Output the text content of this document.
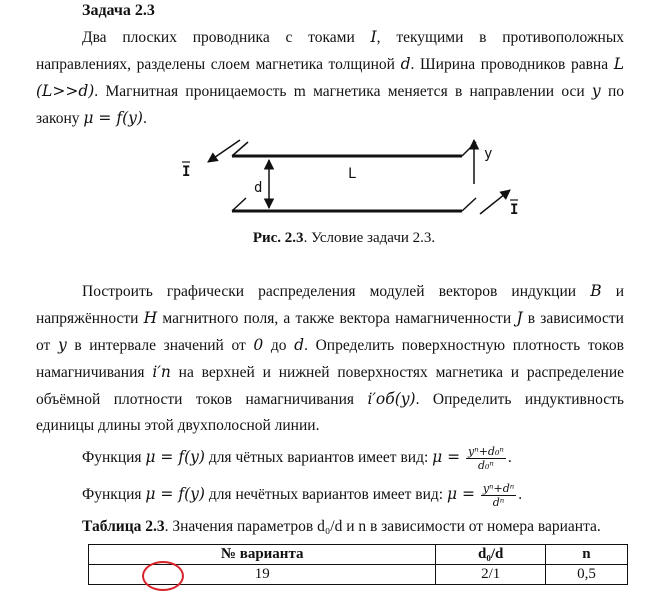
Задача 2.3

Два плоских проводника с токами I, текущими в противоположных направлениях, разделены слоем магнетика толщиной d. Ширина проводников равна L (L>>d). Магнитная проницаемость m магнетика меняется в направлении оси y по закону μ = f(y).

d
L
y
I
I
Рис. 2.3. Условие задачи 2.3.

Построить графически распределения модулей векторов индукции B и напряжённости H магнитного поля, а также вектора намагниченности J в зависимости от y в интервале значений от 0 до d. Определить поверхностную плотность токов намагничивания i′п на верхней и нижней поверхностях магнетика и распределение объёмной плотности токов намагничивания i′об(y). Определить индуктивность единицы длины этой двухполосной линии.

Функция μ = f(y) для чётных вариантов имеет вид: $\mu = \frac{\text{yⁿ+d₀ⁿ}}{\text{d₀ⁿ}}$ .
Функция μ = f(y) для нечётных вариантов имеет вид: $\mu = \frac{\text{yⁿ+dⁿ}}{\text{dⁿ}}$ .
Таблица 2.3. Значения параметров d₀/d и n в зависимости от номера варианта.
№ варианта	d₀/d	n
19	2/1	0,5
